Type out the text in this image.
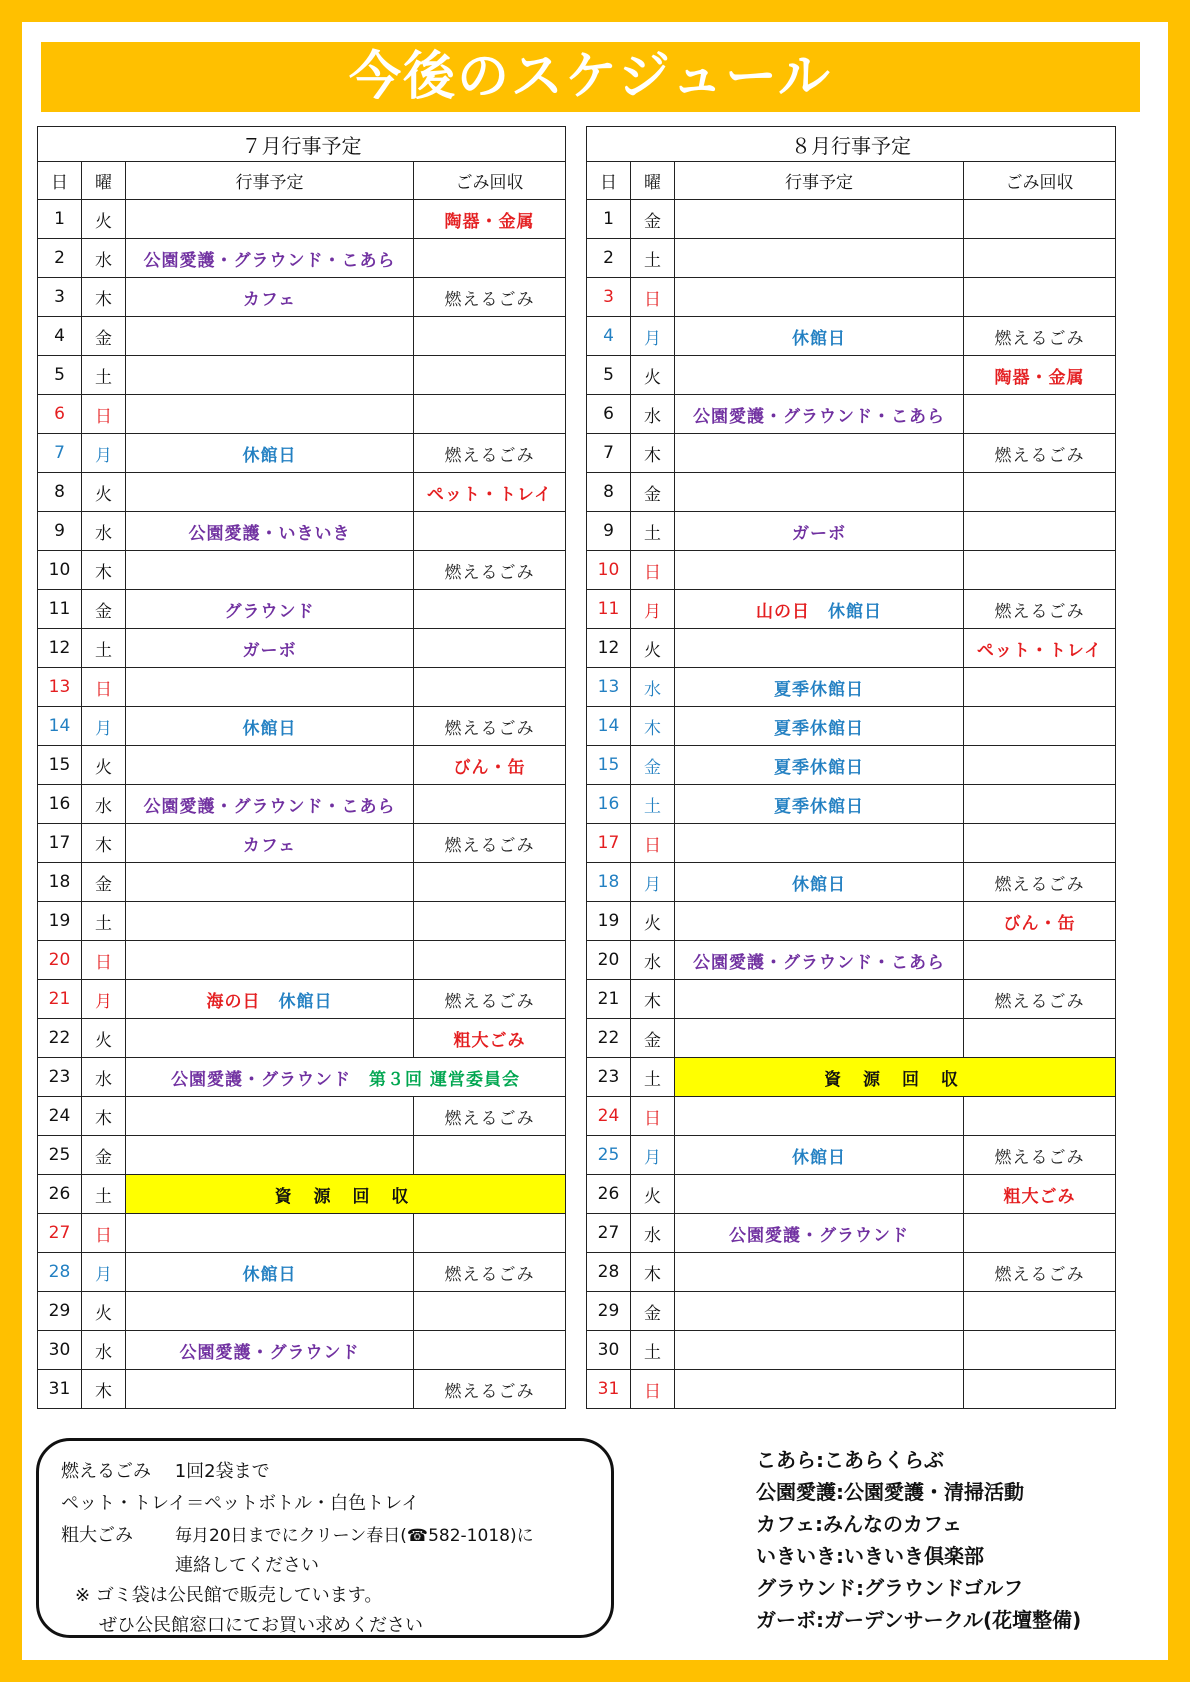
今後のスケジュール
７月行事予定			
日	曜	行事予定	ごみ回収
1	火		陶器・金属
2	水	公園愛護・グラウンド・こあら	
3	木	カフェ	燃えるごみ
4	金		
5	土		
6	日		
7	月	休館日	燃えるごみ
8	火		ペット・トレイ
9	水	公園愛護・いきいき	
10	木		燃えるごみ
11	金	グラウンド	
12	土	ガーボ	
13	日		
14	月	休館日	燃えるごみ
15	火		びん・缶
16	水	公園愛護・グラウンド・こあら	
17	木	カフェ	燃えるごみ
18	金		
19	土		
20	日		
21	月	海の日　 休館日	燃えるごみ
22	火		粗大ごみ
23	水	公園愛護・グラウンド　 第３回 運営委員会	
24	木		燃えるごみ
25	金		
26	土	資 源 回 収	
27	日		
28	月	休館日	燃えるごみ
29	火		
30	水	公園愛護・グラウンド	
31	木		燃えるごみ
８月行事予定			
日	曜	行事予定	ごみ回収
1	金		
2	土		
3	日		
4	月	休館日	燃えるごみ
5	火		陶器・金属
6	水	公園愛護・グラウンド・こあら	
7	木		燃えるごみ
8	金		
9	土	ガーボ	
10	日		
11	月	山の日　 休館日	燃えるごみ
12	火		ペット・トレイ
13	水	夏季休館日	
14	木	夏季休館日	
15	金	夏季休館日	
16	土	夏季休館日	
17	日		
18	月	休館日	燃えるごみ
19	火		びん・缶
20	水	公園愛護・グラウンド・こあら	
21	木		燃えるごみ
22	金		
23	土	資 源 回 収	
24	日		
25	月	休館日	燃えるごみ
26	火		粗大ごみ
27	水	公園愛護・グラウンド	
28	木		燃えるごみ
29	金		
30	土		
31	日		
燃えるごみ　 1回2袋まで
ペット・トレイ＝ペットボトル・白色トレイ
粗大ごみ 毎月20日までにクリーン春日(☎582-1018)に
連絡してください
※ ゴミ袋は公民館で販売しています。
ぜひ公民館窓口にてお買い求めください
こあら:こあらくらぶ
公園愛護:公園愛護・清掃活動
カフェ:みんなのカフェ
いきいき:いきいき倶楽部
グラウンド:グラウンドゴルフ
ガーボ:ガーデンサークル(花壇整備)
